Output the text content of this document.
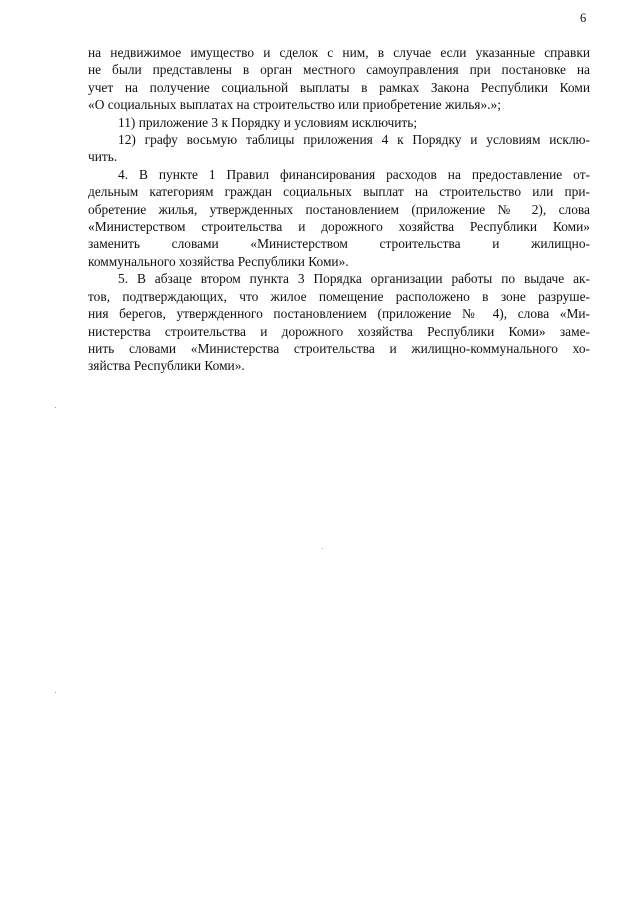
6
на недвижимое имущество и сделок с ним, в случае если указанные справки
не были представлены в орган местного самоуправления при постановке на
учет на получение социальной выплаты в рамках Закона Республики Коми
«О социальных выплатах на строительство или приобретение жилья».»;
11) приложение 3 к Порядку и условиям исключить;
12) графу восьмую таблицы приложения 4 к Порядку и условиям исклю-
чить.
4. В пункте 1 Правил финансирования расходов на предоставление от-
дельным категориям граждан социальных выплат на строительство или при-
обретение жилья, утвержденных постановлением (приложение № 2), слова
«Министерством строительства и дорожного хозяйства Республики Коми»
заменить словами «Министерством строительства и жилищно-
коммунального хозяйства Республики Коми».
5. В абзаце втором пункта 3 Порядка организации работы по выдаче ак-
тов, подтверждающих, что жилое помещение расположено в зоне разруше-
ния берегов, утвержденного постановлением (приложение № 4), слова «Ми-
нистерства строительства и дорожного хозяйства Республики Коми» заме-
нить словами «Министерства строительства и жилищно-коммунального хо-
зяйства Республики Коми».
